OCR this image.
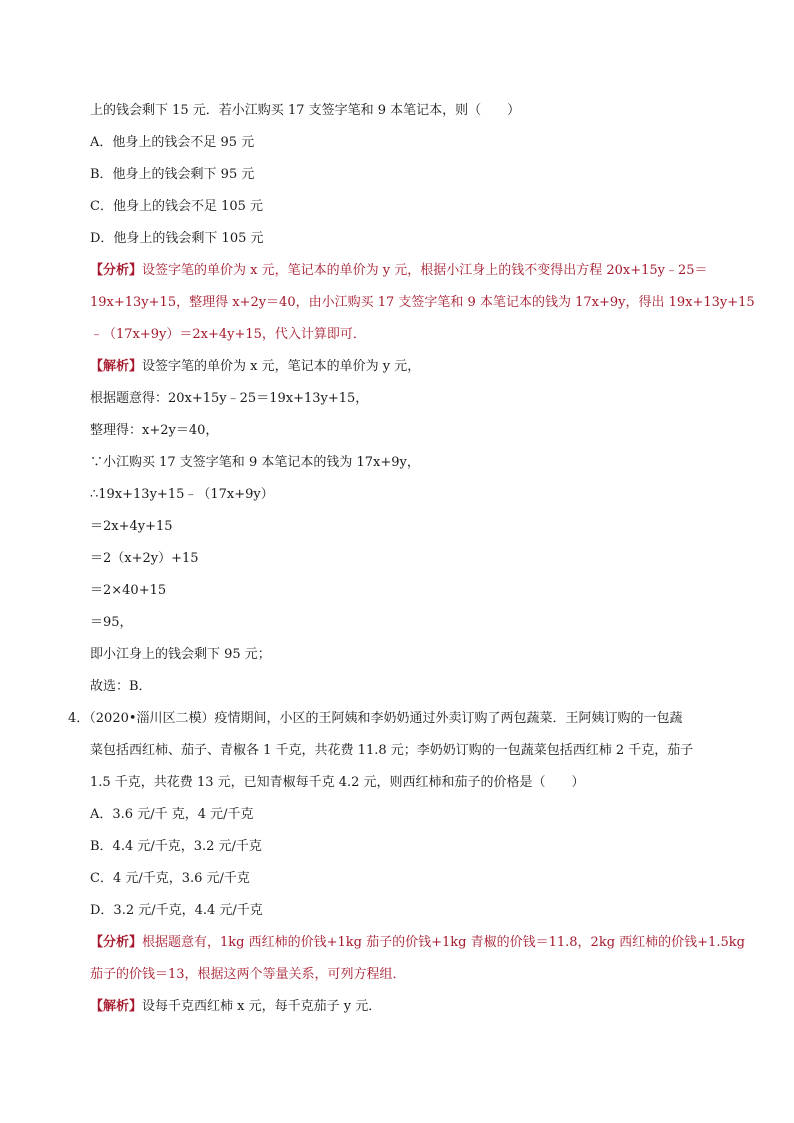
上的钱会剩下 15 元．若小江购买 17 支签字笔和 9 本笔记本，则（　　）
A．他身上的钱会不足 95 元
B．他身上的钱会剩下 95 元
C．他身上的钱会不足 105 元
D．他身上的钱会剩下 105 元
【分析】设签字笔的单价为 x 元，笔记本的单价为 y 元，根据小江身上的钱不变得出方程 20x+15y﹣25＝
19x+13y+15，整理得 x+2y＝40，由小江购买 17 支签字笔和 9 本笔记本的钱为 17x+9y，得出 19x+13y+15
﹣（17x+9y）＝2x+4y+15，代入计算即可．
【解析】设签字笔的单价为 x 元，笔记本的单价为 y 元，
根据题意得：20x+15y﹣25＝19x+13y+15，
整理得：x+2y＝40，
∵小江购买 17 支签字笔和 9 本笔记本的钱为 17x+9y，
∴19x+13y+15﹣（17x+9y）
＝2x+4y+15
＝2（x+2y）+15
＝2×40+15
＝95，
即小江身上的钱会剩下 95 元；
故选：B．
4．（2020•淄川区二模）疫情期间，小区的王阿姨和李奶奶通过外卖订购了两包蔬菜．王阿姨订购的一包蔬
菜包括西红柿、茄子、青椒各 1 千克，共花费 11.8 元；李奶奶订购的一包蔬菜包括西红柿 2 千克，茄子
1.5 千克，共花费 13 元，已知青椒每千克 4.2 元，则西红柿和茄子的价格是（　　）
A．3.6 元/千 克，4 元/千克
B．4.4 元/千克，3.2 元/千克
C．4 元/千克，3.6 元/千克
D．3.2 元/千克，4.4 元/千克
【分析】根据题意有，1kg 西红柿的价钱+1kg 茄子的价钱+1kg 青椒的价钱＝11.8，2kg 西红柿的价钱+1.5kg
茄子的价钱＝13，根据这两个等量关系，可列方程组．
【解析】设每千克西红柿 x 元，每千克茄子 y 元．
